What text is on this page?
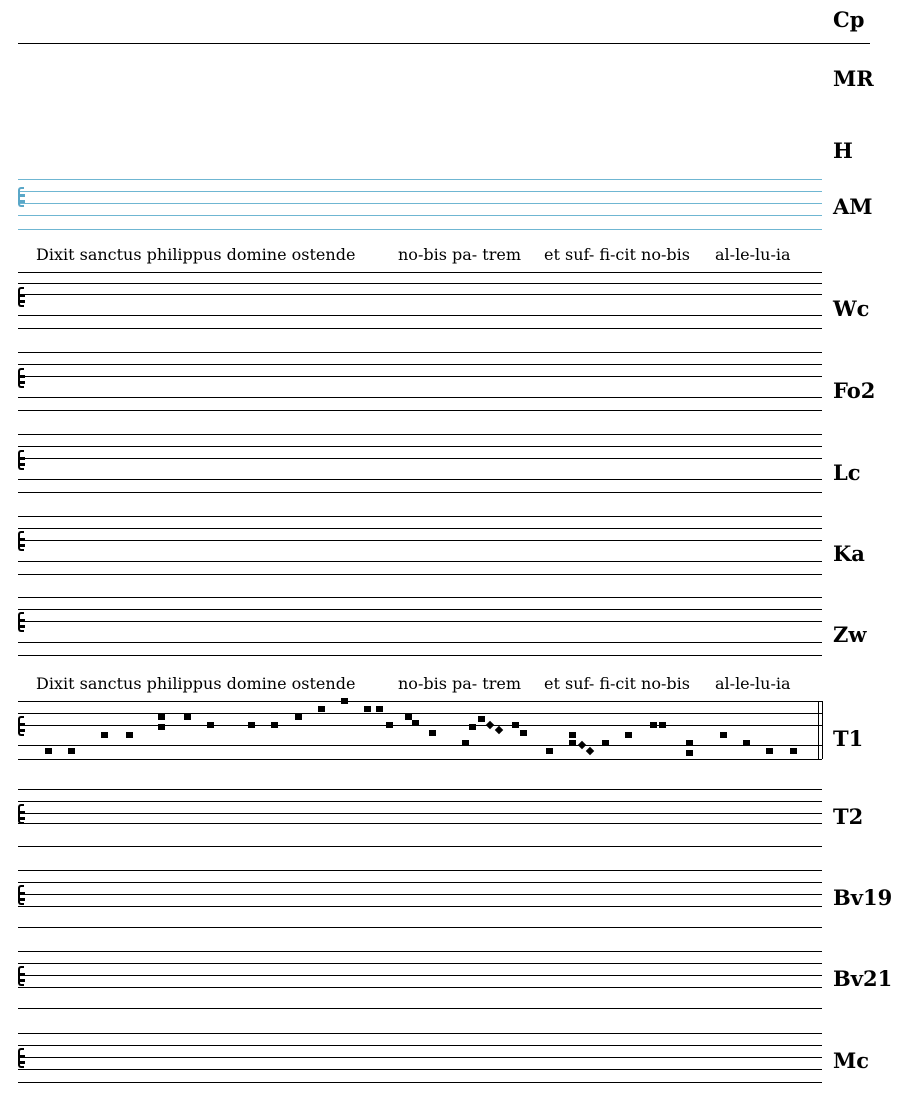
Cp
MR
H
AM
Wc
Fo2
Lc
Ka
Zw
T1
T2
Bv19
Bv21
Mc
Dixit sanctus philippus domine ostende	no-bis pa- trem et suf- fi-cit no-bis al-le-lu-ia
Dixit sanctus philippus domine ostende	no-bis pa- trem et suf- fi-cit no-bis al-le-lu-ia
